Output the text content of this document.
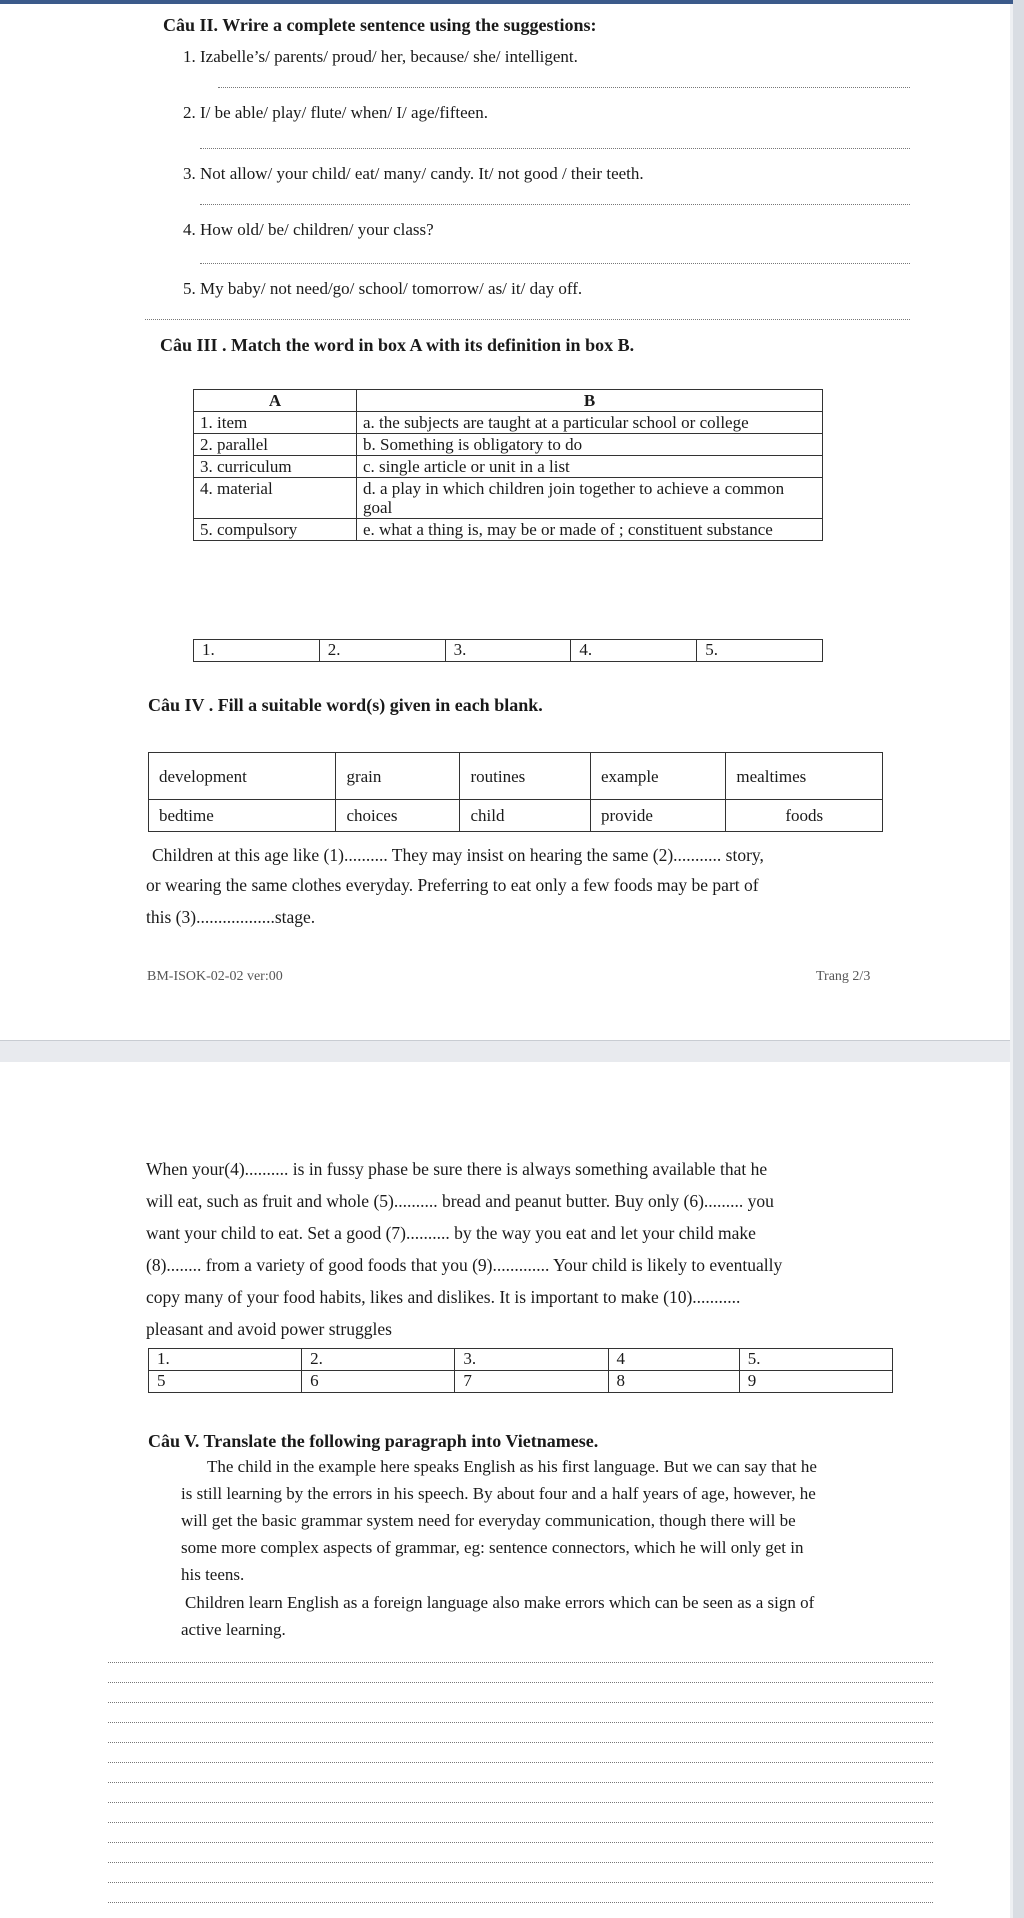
Câu II. Wrire a complete sentence using the suggestions:
1. Izabelle’s/ parents/ proud/ her, because/ she/ intelligent.
2. I/ be able/ play/ flute/ when/ I/ age/fifteen.
3. Not allow/ your child/ eat/ many/ candy. It/ not good / their teeth.
4. How old/ be/ children/ your class?
5. My baby/ not need/go/ school/ tomorrow/ as/ it/ day off.
Câu III . Match the word in box A with its definition in box B.
A	B
1. item	a. the subjects are taught at a particular school or college
2. parallel	b. Something is obligatory to do
3. curriculum	c. single article or unit in a list
4. material	d. a play in which children join together to achieve a common goal
5. compulsory	e. what a thing is, may be or made of ; constituent substance
1.	2.	3.	4.	5.
Câu IV . Fill a suitable word(s) given in each blank.
development	grain	routines	example	mealtimes
bedtime	choices	child	provide	foods
Children at this age like (1).......... They may insist on hearing the same (2)........... story,
or wearing the same clothes everyday. Preferring to eat only a few foods may be part of
this (3)..................stage.
BM-ISOK-02-02 ver:00	Trang 2/3
When your(4).......... is in fussy phase be sure there is always something available that he
will eat, such as fruit and whole (5).......... bread and peanut butter. Buy only (6)......... you
want your child to eat. Set a good (7).......... by the way you eat and let your child make
(8)........ from a variety of good foods that you (9)............. Your child is likely to eventually
copy many of your food habits, likes and dislikes. It is important to make (10)...........
pleasant and avoid power struggles
1.	2.	3.	4	5.
5	6	7	8	9
Câu V. Translate the following paragraph into Vietnamese.
The child in the example here speaks English as his first language. But we can say that he
is still learning by the errors in his speech. By about four and a half years of age, however, he
will get the basic grammar system need for everyday communication, though there will be
some more complex aspects of grammar, eg: sentence connectors, which he will only get in
his teens.
Children learn English as a foreign language also make errors which can be seen as a sign of
active learning.
